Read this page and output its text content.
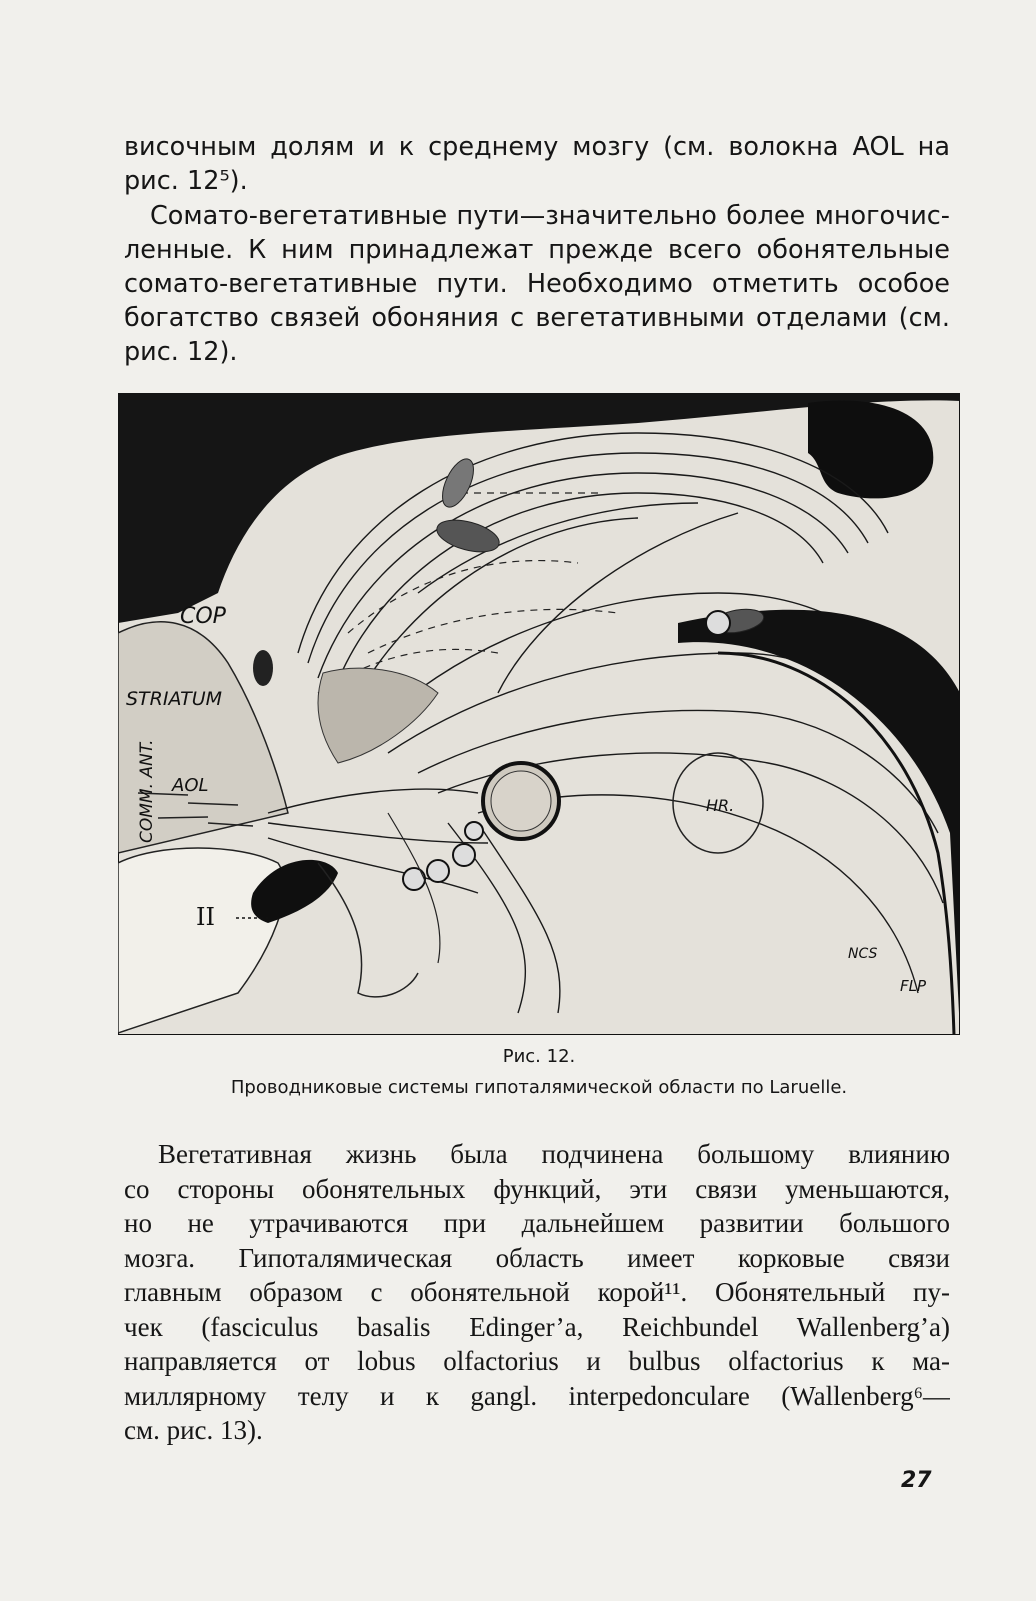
височным долям и к среднему мозгу (см. волокна AOL на
рис. 12⁵).

Сомато-вегетативные пути—значительно более многочис-
ленные. К ним принадлежат прежде всего обонятельные
сомато-вегетативные пути. Необходимо отметить особое
богатство связей обоняния с вегетативными отделами (см.
рис. 12).

COP
STRIATUM
COMM. ANT. AOL
II
HR.
NCS
FLP

Рис. 12.

Проводниковые системы гипоталямической области по Laruelle.

Вегетативная жизнь была подчинена большому влиянию
со стороны обонятельных функций, эти связи уменьшаются,
но не утрачиваются при дальнейшем развитии большого
мозга. Гипоталямическая область имеет корковые связи
главным образом с обонятельной корой¹¹. Обонятельный пу-
чек (fasciculus basalis Edinger’a, Reichbundel Wallenberg’a)
направляется от lobus olfactorius и bulbus olfactorius к ма-
миллярному телу и к gangl. interpedonculare (Wallenberg⁶—
см. рис. 13).

27
